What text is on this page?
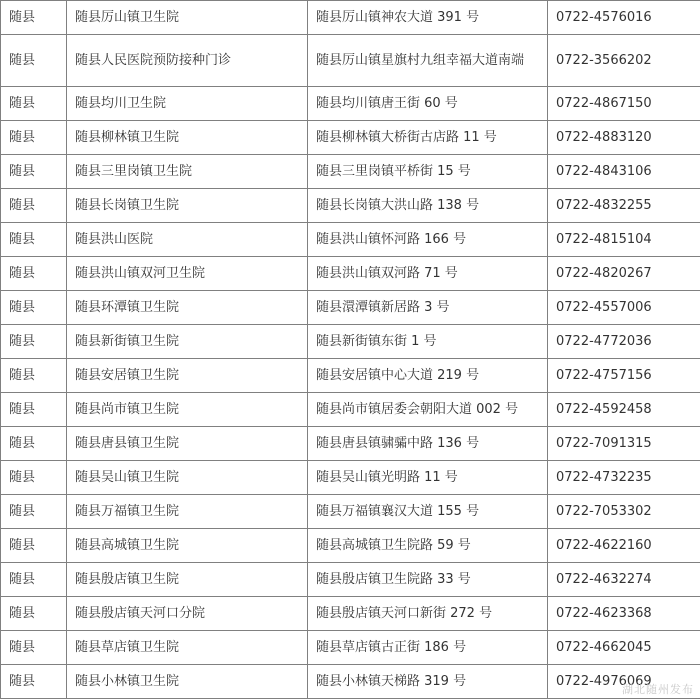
随县	随县厉山镇卫生院	随县厉山镇神农大道 391 号	0722-4576016
随县	随县人民医院预防接种门诊	随县厉山镇星旗村九组幸福大道南端	0722-3566202
随县	随县均川卫生院	随县均川镇唐王街 60 号	0722-4867150
随县	随县柳林镇卫生院	随县柳林镇大桥街古店路 11 号	0722-4883120
随县	随县三里岗镇卫生院	随县三里岗镇平桥街 15 号	0722-4843106
随县	随县长岗镇卫生院	随县长岗镇大洪山路 138 号	0722-4832255
随县	随县洪山医院	随县洪山镇怀河路 166 号	0722-4815104
随县	随县洪山镇双河卫生院	随县洪山镇双河路 71 号	0722-4820267
随县	随县环潭镇卫生院	随县澴潭镇新居路 3 号	0722-4557006
随县	随县新街镇卫生院	随县新街镇东街 1 号	0722-4772036
随县	随县安居镇卫生院	随县安居镇中心大道 219 号	0722-4757156
随县	随县尚市镇卫生院	随县尚市镇居委会朝阳大道 002 号	0722-4592458
随县	随县唐县镇卫生院	随县唐县镇骕骦中路 136 号	0722-7091315
随县	随县吴山镇卫生院	随县吴山镇光明路 11 号	0722-4732235
随县	随县万福镇卫生院	随县万福镇襄汉大道 155 号	0722-7053302
随县	随县高城镇卫生院	随县高城镇卫生院路 59 号	0722-4622160
随县	随县殷店镇卫生院	随县殷店镇卫生院路 33 号	0722-4632274
随县	随县殷店镇天河口分院	随县殷店镇天河口新街 272 号	0722-4623368
随县	随县草店镇卫生院	随县草店镇古正街 186 号	0722-4662045
随县	随县小林镇卫生院	随县小林镇天梯路 319 号	0722-4976069
湖北随州发布
